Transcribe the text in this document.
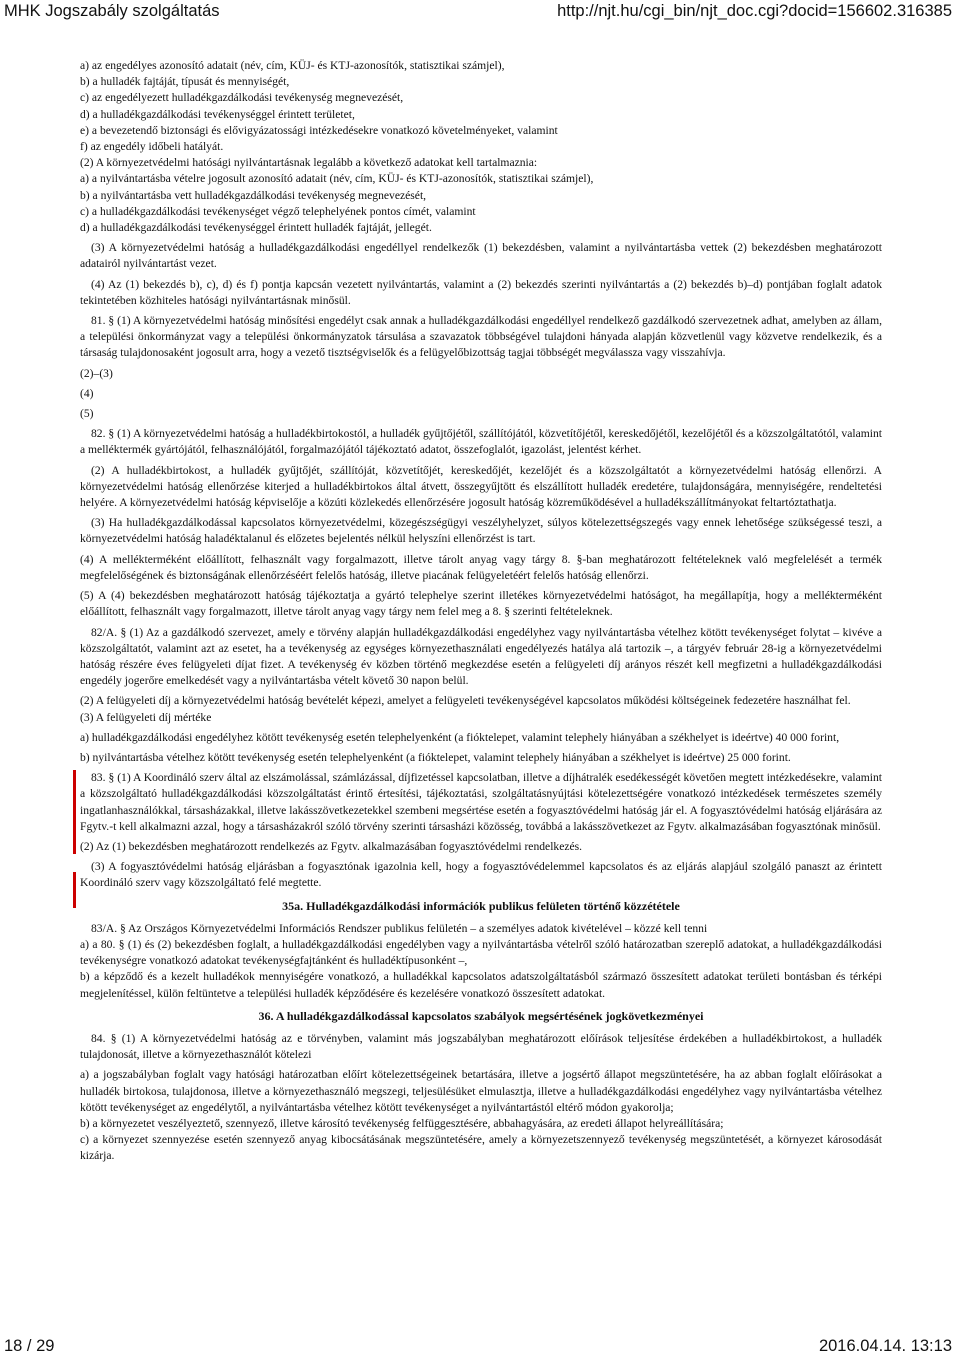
MHK Jogszabály szolgáltatás	http://njt.hu/cgi_bin/njt_doc.cgi?docid=156602.316385

a) az engedélyes azonosító adatait (név, cím, KÜJ- és KTJ-azonosítók, statisztikai számjel),

b) a hulladék fajtáját, típusát és mennyiségét,

c) az engedélyezett hulladékgazdálkodási tevékenység megnevezését,

d) a hulladékgazdálkodási tevékenységgel érintett területet,

e) a bevezetendő biztonsági és elővigyázatossági intézkedésekre vonatkozó követelményeket, valamint

f) az engedély időbeli hatályát.

(2) A környezetvédelmi hatósági nyilvántartásnak legalább a következő adatokat kell tartalmaznia:

a) a nyilvántartásba vételre jogosult azonosító adatait (név, cím, KÜJ- és KTJ-azonosítók, statisztikai számjel),

b) a nyilvántartásba vett hulladékgazdálkodási tevékenység megnevezését,

c) a hulladékgazdálkodási tevékenységet végző telephelyének pontos címét, valamint

d) a hulladékgazdálkodási tevékenységgel érintett hulladék fajtáját, jellegét.

(3) A környezetvédelmi hatóság a hulladékgazdálkodási engedéllyel rendelkezők (1) bekezdésben, valamint a nyilvántartásba vettek (2) bekezdésben meghatározott adatairól nyilvántartást vezet.

(4) Az (1) bekezdés b), c), d) és f) pontja kapcsán vezetett nyilvántartás, valamint a (2) bekezdés szerinti nyilvántartás a (2) bekezdés b)–d) pontjában foglalt adatok tekintetében közhiteles hatósági nyilvántartásnak minősül.

81. § (1) A környezetvédelmi hatóság minősítési engedélyt csak annak a hulladékgazdálkodási engedéllyel rendelkező gazdálkodó szervezetnek adhat, amelyben az állam, a települési önkormányzat vagy a települési önkormányzatok társulása a szavazatok többségével tulajdoni hányada alapján közvetlenül vagy közvetve rendelkezik, és a társaság tulajdonosaként jogosult arra, hogy a vezető tisztségviselők és a felügyelőbizottság tagjai többségét megválassza vagy visszahívja.

(2)–(3)

(4)

(5)

82. § (1) A környezetvédelmi hatóság a hulladékbirtokostól, a hulladék gyűjtőjétől, szállítójától, közvetítőjétől, kereskedőjétől, kezelőjétől és a közszolgáltatótól, valamint a melléktermék gyártójától, felhasználójától, forgalmazójától tájékoztató adatot, összefoglalót, igazolást, jelentést kérhet.

(2) A hulladékbirtokost, a hulladék gyűjtőjét, szállítóját, közvetítőjét, kereskedőjét, kezelőjét és a közszolgáltatót a környezetvédelmi hatóság ellenőrzi. A környezetvédelmi hatóság ellenőrzése kiterjed a hulladékbirtokos által átvett, összegyűjtött és elszállított hulladék eredetére, tulajdonságára, mennyiségére, rendeltetési helyére. A környezetvédelmi hatóság képviselője a közúti közlekedés ellenőrzésére jogosult hatóság közreműködésével a hulladékszállítmányokat feltartóztathatja.

(3) Ha hulladékgazdálkodással kapcsolatos környezetvédelmi, közegészségügyi veszélyhelyzet, súlyos kötelezettségszegés vagy ennek lehetősége szükségessé teszi, a környezetvédelmi hatóság haladéktalanul és előzetes bejelentés nélkül helyszíni ellenőrzést is tart.

(4) A mellékterméként előállított, felhasznált vagy forgalmazott, illetve tárolt anyag vagy tárgy 8. §-ban meghatározott feltételeknek való megfelelését a termék megfelelőségének és biztonságának ellenőrzéséért felelős hatóság, illetve piacának felügyeletéért felelős hatóság ellenőrzi.

(5) A (4) bekezdésben meghatározott hatóság tájékoztatja a gyártó telephelye szerint illetékes környezetvédelmi hatóságot, ha megállapítja, hogy a mellékterméként előállított, felhasznált vagy forgalmazott, illetve tárolt anyag vagy tárgy nem felel meg a 8. § szerinti feltételeknek.

82/A. § (1) Az a gazdálkodó szervezet, amely e törvény alapján hulladékgazdálkodási engedélyhez vagy nyilvántartásba vételhez kötött tevékenységet folytat – kivéve a közszolgáltatót, valamint azt az esetet, ha a tevékenység az egységes környezethasználati engedélyezés hatálya alá tartozik –, a tárgyév február 28-ig a környezetvédelmi hatóság részére éves felügyeleti díjat fizet. A tevékenység év közben történő megkezdése esetén a felügyeleti díj arányos részét kell megfizetni a hulladékgazdálkodási engedély jogerőre emelkedését vagy a nyilvántartásba vételt követő 30 napon belül.

(2) A felügyeleti díj a környezetvédelmi hatóság bevételét képezi, amelyet a felügyeleti tevékenységével kapcsolatos működési költségeinek fedezetére használhat fel.

(3) A felügyeleti díj mértéke

a) hulladékgazdálkodási engedélyhez kötött tevékenység esetén telephelyenként (a fióktelepet, valamint telephely hiányában a székhelyet is ideértve) 40 000 forint,

b) nyilvántartásba vételhez kötött tevékenység esetén telephelyenként (a fióktelepet, valamint telephely hiányában a székhelyet is ideértve) 25 000 forint.

83. § (1) A Koordináló szerv által az elszámolással, számlázással, díjfizetéssel kapcsolatban, illetve a díjhátralék esedékességét követően megtett intézkedésekre, valamint a közszolgáltató hulladékgazdálkodási közszolgáltatást érintő értesítési, tájékoztatási, szolgáltatásnyújtási kötelezettségére vonatkozó intézkedések természetes személy ingatlanhasználókkal, társasházakkal, illetve lakásszövetkezetekkel szembeni megsértése esetén a fogyasztóvédelmi hatóság jár el. A fogyasztóvédelmi hatóság eljárására az Fgytv.-t kell alkalmazni azzal, hogy a társasházakról szóló törvény szerinti társasházi közösség, továbbá a lakásszövetkezet az Fgytv. alkalmazásában fogyasztónak minősül.

(2) Az (1) bekezdésben meghatározott rendelkezés az Fgytv. alkalmazásában fogyasztóvédelmi rendelkezés.

(3) A fogyasztóvédelmi hatóság eljárásban a fogyasztónak igazolnia kell, hogy a fogyasztóvédelemmel kapcsolatos és az eljárás alapjául szolgáló panaszt az érintett Koordináló szerv vagy közszolgáltató felé megtette.

35a. Hulladékgazdálkodási információk publikus felületen történő közzététele

83/A. § Az Országos Környezetvédelmi Információs Rendszer publikus felületén – a személyes adatok kivételével – közzé kell tenni

a) a 80. § (1) és (2) bekezdésben foglalt, a hulladékgazdálkodási engedélyben vagy a nyilvántartásba vételről szóló határozatban szereplő adatokat, a hulladékgazdálkodási tevékenységre vonatkozó adatokat tevékenységfajtánként és hulladéktípusonként –,

b) a képződő és a kezelt hulladékok mennyiségére vonatkozó, a hulladékkal kapcsolatos adatszolgáltatásból származó összesített adatokat területi bontásban és térképi megjelenítéssel, külön feltüntetve a települési hulladék képződésére és kezelésére vonatkozó összesített adatokat.

36. A hulladékgazdálkodással kapcsolatos szabályok megsértésének jogkövetkezményei

84. § (1) A környezetvédelmi hatóság az e törvényben, valamint más jogszabályban meghatározott előírások teljesítése érdekében a hulladékbirtokost, a hulladék tulajdonosát, illetve a környezethasználót kötelezi

a) a jogszabályban foglalt vagy hatósági határozatban előírt kötelezettségeinek betartására, illetve a jogsértő állapot megszüntetésére, ha az abban foglalt előírásokat a hulladék birtokosa, tulajdonosa, illetve a környezethasználó megszegi, teljesülésüket elmulasztja, illetve a hulladékgazdálkodási engedélyhez vagy nyilvántartásba vételhez kötött tevékenységet az engedélytől, a nyilvántartásba vételhez kötött tevékenységet a nyilvántartástól eltérő módon gyakorolja;

b) a környezetet veszélyeztető, szennyező, illetve károsító tevékenység felfüggesztésére, abbahagyására, az eredeti állapot helyreállítására;

c) a környezet szennyezése esetén szennyező anyag kibocsátásának megszüntetésére, amely a környezetszennyező tevékenység megszüntetését, a környezet károsodását kizárja.

18 / 29	2016.04.14. 13:13
